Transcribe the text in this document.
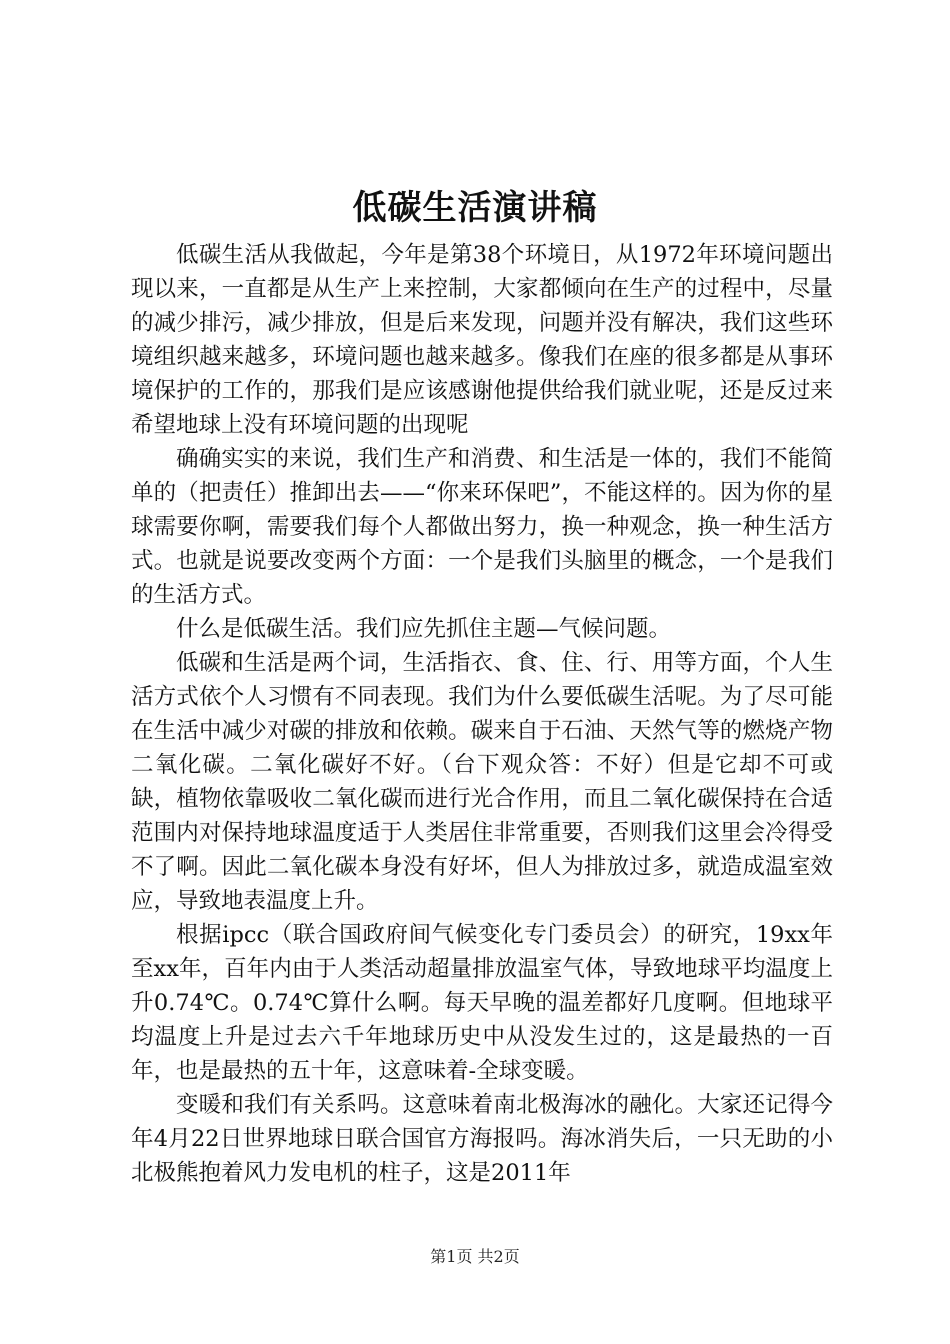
低碳生活演讲稿

低碳生活从我做起，今年是第38个环境日，从1972年环境问题出现以来，一直都是从生产上来控制，大家都倾向在生产的过程中，尽量的减少排污，减少排放，但是后来发现，问题并没有解决，我们这些环境组织越来越多，环境问题也越来越多。像我们在座的很多都是从事环境保护的工作的，那我们是应该感谢他提供给我们就业呢，还是反过来希望地球上没有环境问题的出现呢

确确实实的来说，我们生产和消费、和生活是一体的，我们不能简单的（把责任）推卸出去——“你来环保吧”，不能这样的。因为你的星球需要你啊，需要我们每个人都做出努力，换一种观念，换一种生活方式。也就是说要改变两个方面：一个是我们头脑里的概念，一个是我们的生活方式。

什么是低碳生活。我们应先抓住主题—气候问题。

低碳和生活是两个词，生活指衣、食、住、行、用等方面，个人生活方式依个人习惯有不同表现。我们为什么要低碳生活呢。为了尽可能在生活中减少对碳的排放和依赖。碳来自于石油、天然气等的燃烧产物二氧化碳。二氧化碳好不好。（台下观众答：不好）但是它却不可或缺，植物依靠吸收二氧化碳而进行光合作用，而且二氧化碳保持在合适范围内对保持地球温度适于人类居住非常重要，否则我们这里会冷得受不了啊。因此二氧化碳本身没有好坏，但人为排放过多，就造成温室效应，导致地表温度上升。

根据ipcc（联合国政府间气候变化专门委员会）的研究，19xx年至xx年，百年内由于人类活动超量排放温室气体，导致地球平均温度上升0.74℃。0.74℃算什么啊。每天早晚的温差都好几度啊。但地球平均温度上升是过去六千年地球历史中从没发生过的，这是最热的一百年，也是最热的五十年，这意味着-全球变暖。

变暖和我们有关系吗。这意味着南北极海冰的融化。大家还记得今年4月22日世界地球日联合国官方海报吗。海冰消失后，一只无助的小北极熊抱着风力发电机的柱子，这是2011年

第1页 共2页
